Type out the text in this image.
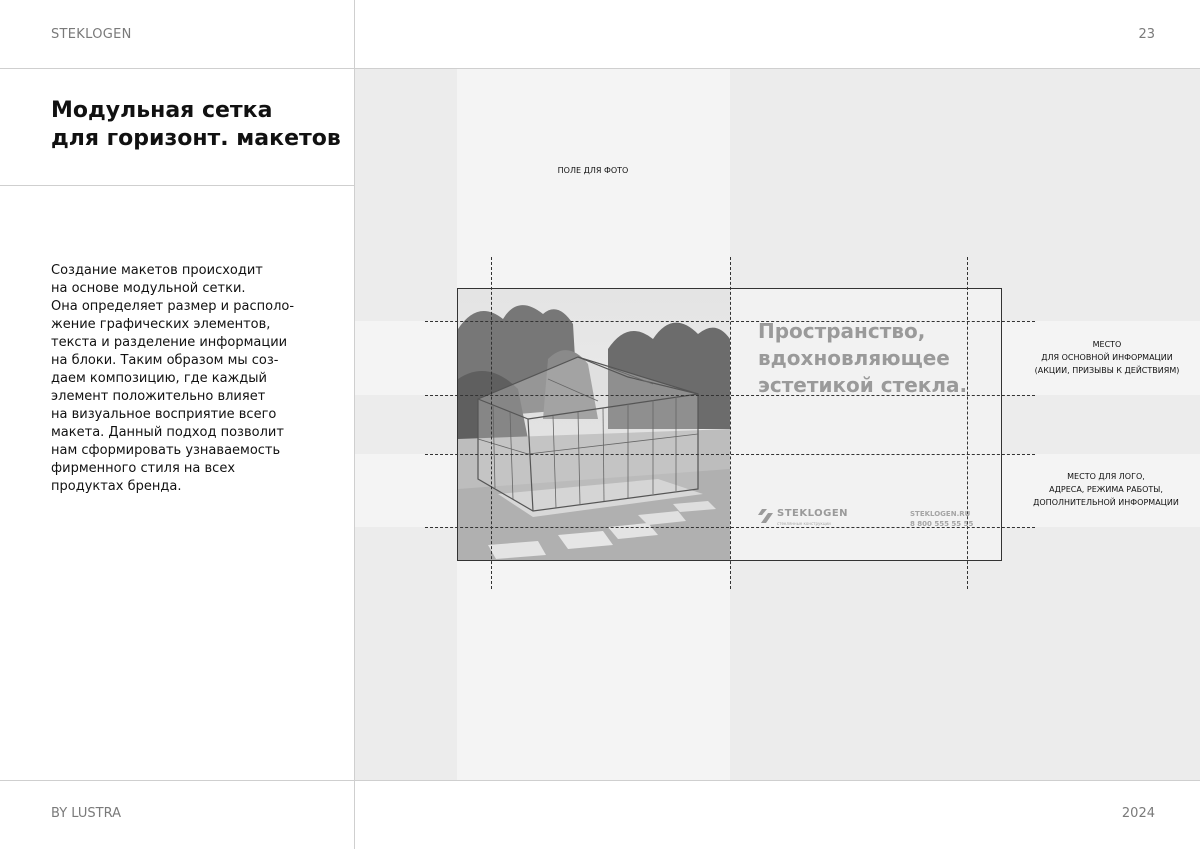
STEKLOGEN	23
BY LUSTRA	2024
Модульная сетка
для горизонт. макетов
Создание макетов происходит
на основе модульной сетки.
Она определяет размер и располо-
жение графических элементов,
текста и разделение информации
на блоки. Таким образом мы соз-
даем композицию, где каждый
элемент положительно влияет
на визуальное восприятие всего
макета. Данный подход позволит
нам сформировать узнаваемость
фирменного стиля на всех
продуктах бренда.
Пространство,
вдохновляющее
эстетикой стекла.
STEKLOGEN
стеклянные конструкции
STEKLOGEN.RU
8 800 555 55 55
ПОЛЕ ДЛЯ ФОТО
МЕСТО
ДЛЯ ОСНОВНОЙ ИНФОРМАЦИИ
(АКЦИИ, ПРИЗЫВЫ К ДЕЙСТВИЯМ)
МЕСТО ДЛЯ ЛОГО,
АДРЕСА, РЕЖИМА РАБОТЫ,
ДОПОЛНИТЕЛЬНОЙ ИНФОРМАЦИИ
